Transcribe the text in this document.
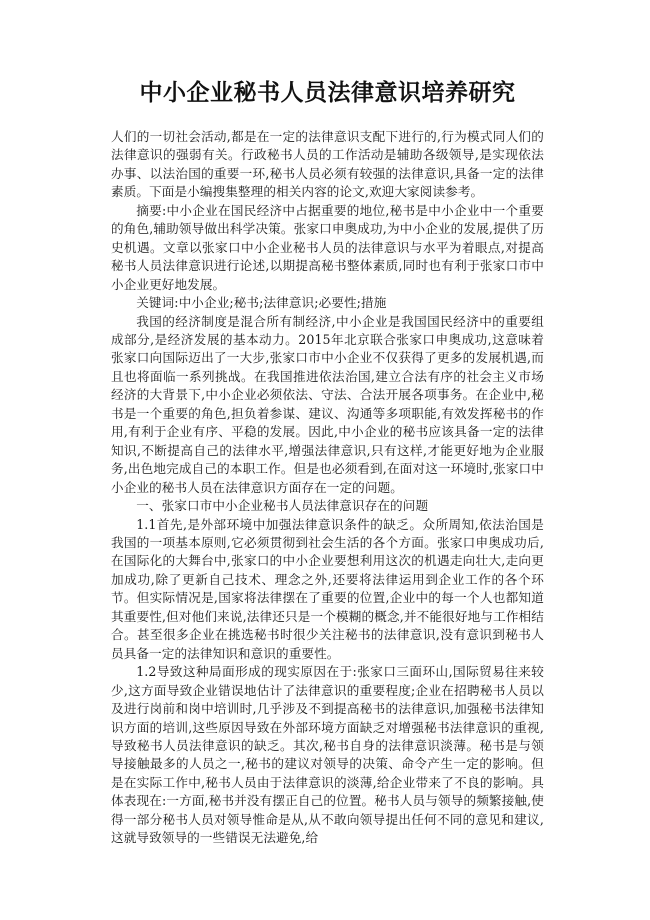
中小企业秘书人员法律意识培养研究

人们的一切社会活动,都是在一定的法律意识支配下进行的,行为模式同人们的法律意识的强弱有关。行政秘书人员的工作活动是辅助各级领导,是实现依法办事、以法治国的重要一环,秘书人员必须有较强的法律意识,具备一定的法律素质。下面是小编搜集整理的相关内容的论文,欢迎大家阅读参考。

摘要:中小企业在国民经济中占据重要的地位,秘书是中小企业中一个重要的角色,辅助领导做出科学决策。张家口申奥成功,为中小企业的发展,提供了历史机遇。文章以张家口中小企业秘书人员的法律意识与水平为着眼点,对提高秘书人员法律意识进行论述,以期提高秘书整体素质,同时也有利于张家口市中小企业更好地发展。

关键词:中小企业;秘书;法律意识;必要性;措施

我国的经济制度是混合所有制经济,中小企业是我国国民经济中的重要组成部分,是经济发展的基本动力。2015年北京联合张家口申奥成功,这意味着张家口向国际迈出了一大步,张家口市中小企业不仅获得了更多的发展机遇,而且也将面临一系列挑战。在我国推进依法治国,建立合法有序的社会主义市场经济的大背景下,中小企业必须依法、守法、合法开展各项事务。在企业中,秘书是一个重要的角色,担负着参谋、建议、沟通等多项职能,有效发挥秘书的作用,有利于企业有序、平稳的发展。因此,中小企业的秘书应该具备一定的法律知识,不断提高自己的法律水平,增强法律意识,只有这样,才能更好地为企业服务,出色地完成自己的本职工作。但是也必须看到,在面对这一环境时,张家口中小企业的秘书人员在法律意识方面存在一定的问题。

一、张家口市中小企业秘书人员法律意识存在的问题

1.1首先,是外部环境中加强法律意识条件的缺乏。众所周知,依法治国是我国的一项基本原则,它必须贯彻到社会生活的各个方面。张家口申奥成功后,在国际化的大舞台中,张家口的中小企业要想利用这次的机遇走向壮大,走向更加成功,除了更新自己技术、理念之外,还要将法律运用到企业工作的各个环节。但实际情况是,国家将法律摆在了重要的位置,企业中的每一个人也都知道其重要性,但对他们来说,法律还只是一个模糊的概念,并不能很好地与工作相结合。甚至很多企业在挑选秘书时很少关注秘书的法律意识,没有意识到秘书人员具备一定的法律知识和意识的重要性。

1.2导致这种局面形成的现实原因在于:张家口三面环山,国际贸易往来较少,这方面导致企业错误地估计了法律意识的重要程度;企业在招聘秘书人员以及进行岗前和岗中培训时,几乎涉及不到提高秘书的法律意识,加强秘书法律知识方面的培训,这些原因导致在外部环境方面缺乏对增强秘书法律意识的重视,导致秘书人员法律意识的缺乏。其次,秘书自身的法律意识淡薄。秘书是与领导接触最多的人员之一,秘书的建议对领导的决策、命令产生一定的影响。但是在实际工作中,秘书人员由于法律意识的淡薄,给企业带来了不良的影响。具体表现在:一方面,秘书并没有摆正自己的位置。秘书人员与领导的频繁接触,使得一部分秘书人员对领导惟命是从,从不敢向领导提出任何不同的意见和建议,这就导致领导的一些错误无法避免,给
